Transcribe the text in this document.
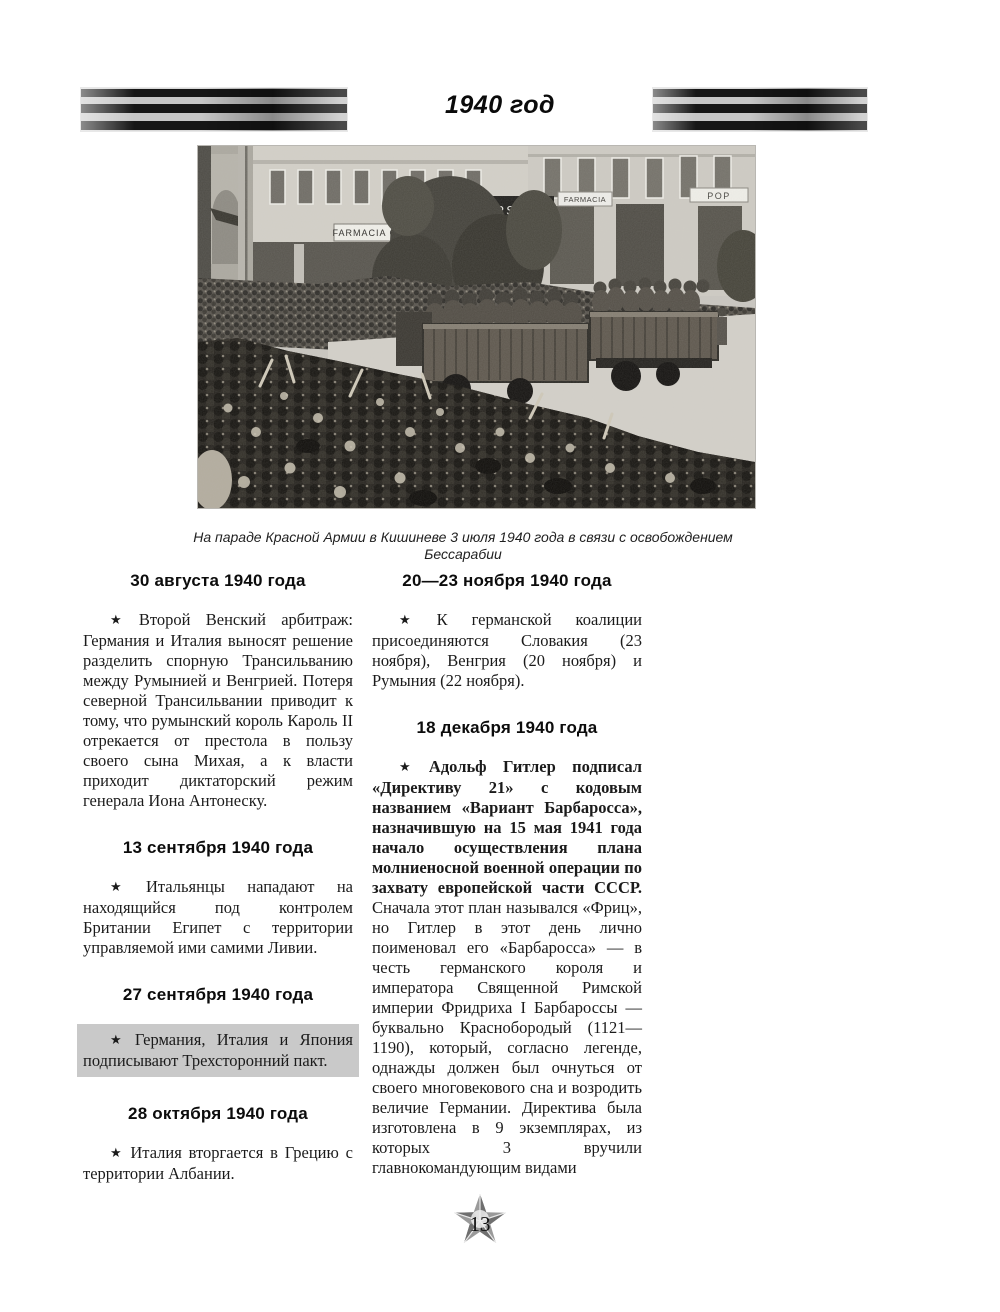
1940 год
На параде Красной Армии в Кишиневе 3 июля 1940 года в связи с освобождением Бессарабии
30 августа 1940 года

★ Второй Венский арбитраж: Германия и Италия выносят решение разделить спорную Трансильванию между Румынией и Венгрией. Потеря северной Трансильвании приводит к тому, что румынский король Кароль II отрекается от престола в пользу своего сына Михая, а к власти приходит диктаторский режим генерала Иона Антонеску.

13 сентября 1940 года

★ Итальянцы нападают на находящийся под контролем Британии Египет с территории управляемой ими самими Ливии.

27 сентября 1940 года

★ Германия, Италия и Япония подписывают Трехсторонний пакт.

28 октября 1940 года

★ Италия вторгается в Грецию с территории Албании.

20—23 ноября 1940 года

★ К германской коалиции присоединяются Словакия (23 ноября), Венгрия (20 ноября) и Румыния (22 ноября).

18 декабря 1940 года

★ Адольф Гитлер подписал «Директиву 21» с кодовым названием «Вариант Барбаросса», назначившую на 15 мая 1941 года начало осуществления плана молниеносной военной операции по захвату европейской части СССР. Сначала этот план назывался «Фриц», но Гитлер в этот день лично поименовал его «Барбаросса» — в честь германского короля и императора Священной Римской империи Фридриха I Барбароссы — буквально Краснобородый (1121—1190), который, согласно легенде, однажды должен был очнуться от своего многовекового сна и возродить величие Германии. Директива была изготовлена в 9 экземплярах, из которых 3 вручили главнокомандующим видами

13
